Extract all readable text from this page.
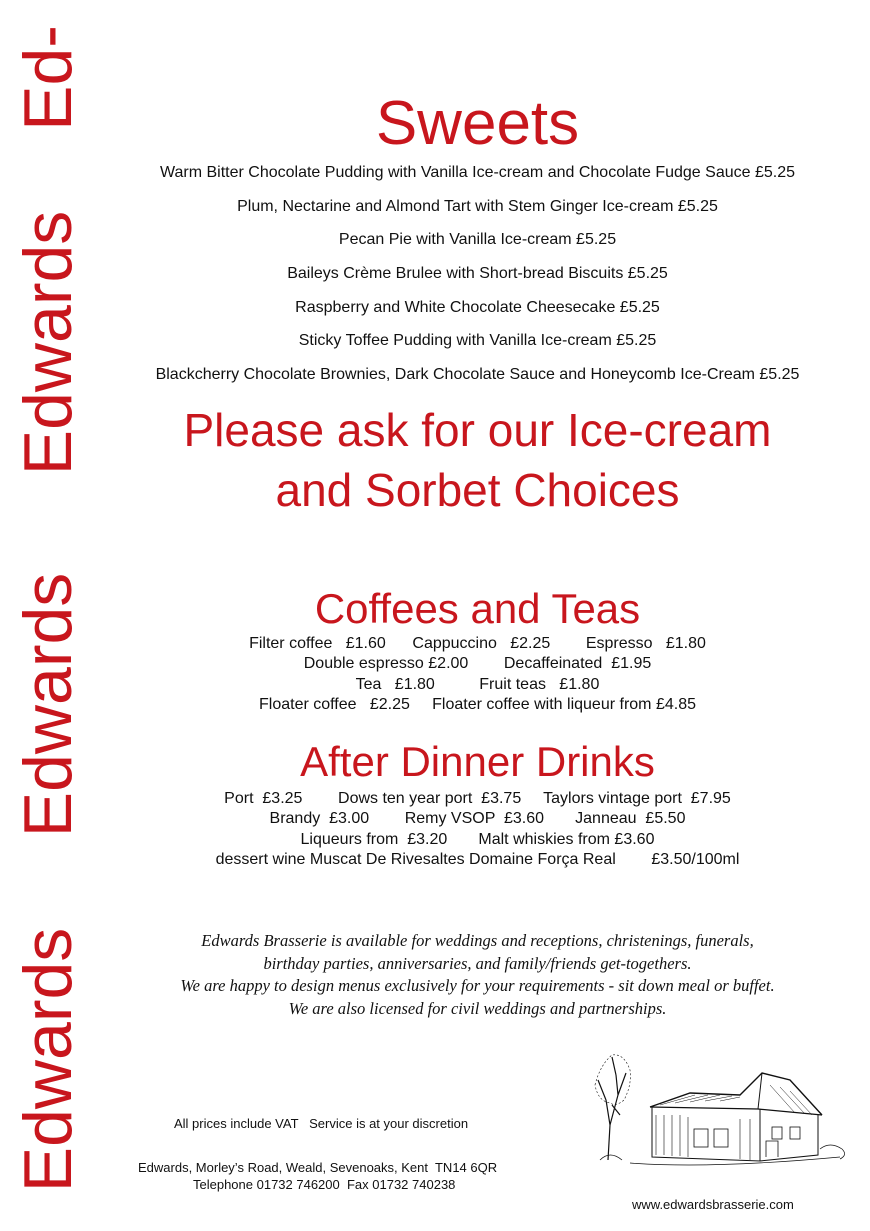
Ed-
Edwards
Edwards
Edwards
Sweets
Warm Bitter Chocolate Pudding with Vanilla Ice-cream and Chocolate Fudge Sauce £5.25
Plum, Nectarine and Almond Tart with Stem Ginger Ice-cream £5.25
Pecan Pie with Vanilla Ice-cream £5.25
Baileys Crème Brulee with Short-bread Biscuits £5.25
Raspberry and White Chocolate Cheesecake £5.25
Sticky Toffee Pudding with Vanilla Ice-cream £5.25
Blackcherry Chocolate Brownies, Dark Chocolate Sauce and Honeycomb Ice-Cream £5.25
Please ask for our Ice-cream
and Sorbet Choices
Coffees and Teas
Filter coffee   £1.60      Cappuccino   £2.25        Espresso   £1.80
Double espresso £2.00        Decaffeinated  £1.95
Tea   £1.80          Fruit teas   £1.80
Floater coffee   £2.25     Floater coffee with liqueur from £4.85
After Dinner Drinks
Port  £3.25        Dows ten year port  £3.75     Taylors vintage port  £7.95
Brandy  £3.00        Remy VSOP  £3.60       Janneau  £5.50
Liqueurs from  £3.20       Malt whiskies from £3.60
dessert wine Muscat De Rivesaltes Domaine Força Real        £3.50/100ml
Edwards Brasserie is available for weddings and receptions, christenings, funerals,
birthday parties, anniversaries, and family/friends get-togethers.
We are happy to design menus exclusively for your requirements - sit down meal or buffet.
We are also licensed for civil weddings and partnerships.
All prices include VAT   Service is at your discretion
Edwards, Morley’s Road, Weald, Sevenoaks, Kent  TN14 6QR
Telephone 01732 746200  Fax 01732 740238
www.edwardsbrasserie.com
